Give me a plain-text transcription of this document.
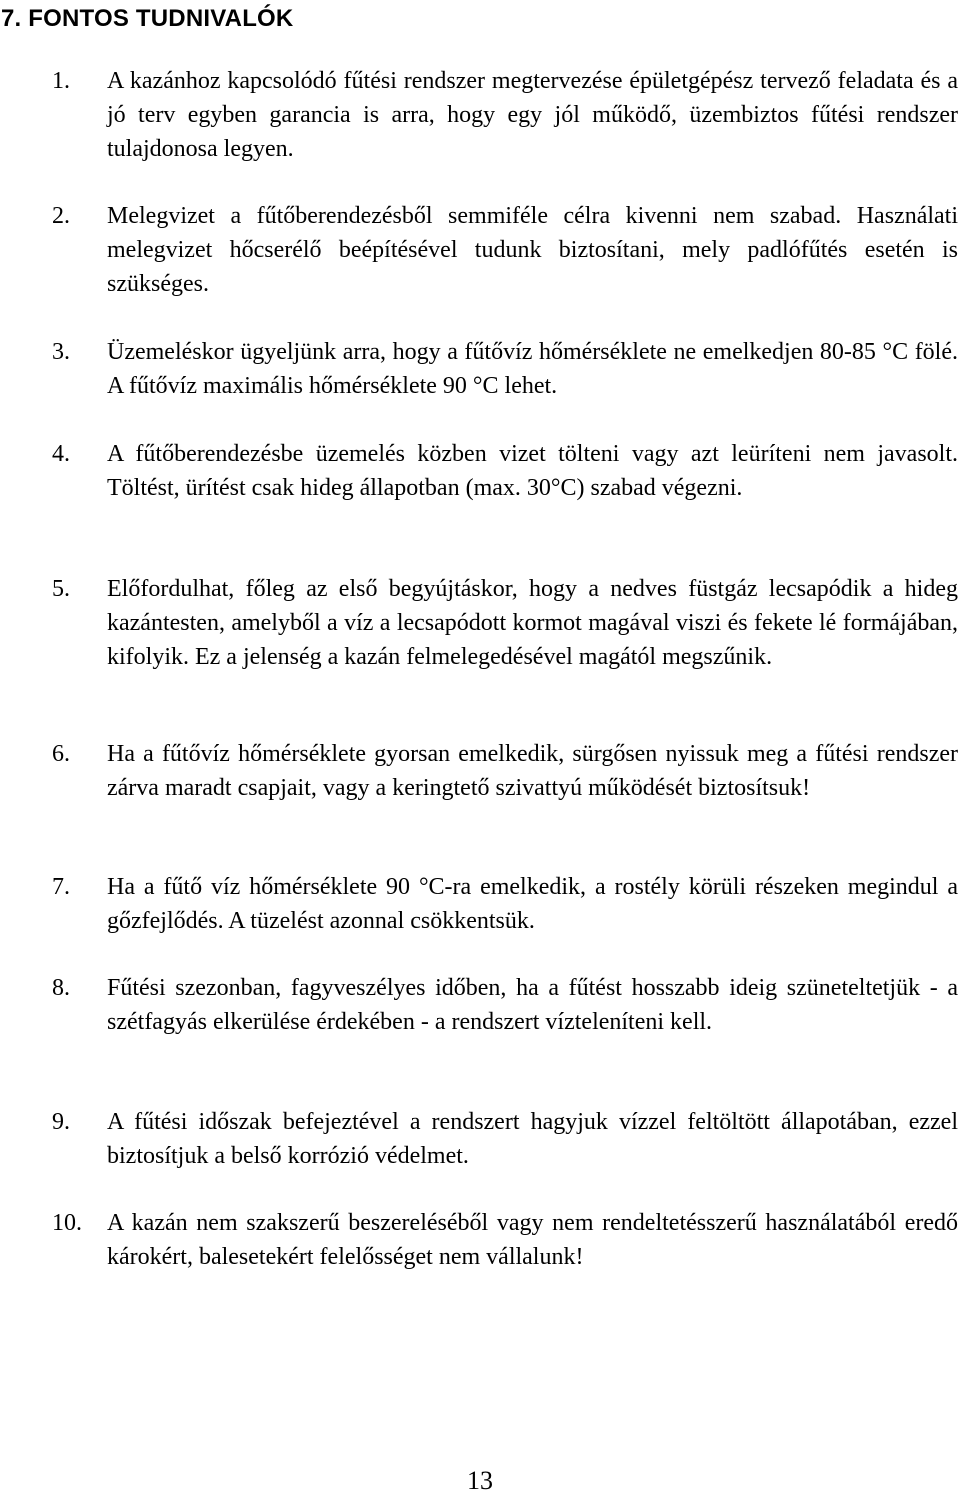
7. FONTOS TUDNIVALÓK
1. A kazánhoz kapcsolódó fűtési rendszer megtervezése épületgépész tervező feladata és a jó terv egyben garancia is arra, hogy egy jól működő, üzembiztos fűtési rendszer tulajdonosa legyen.

2. Melegvizet a fűtőberendezésből semmiféle célra kivenni nem szabad. Használati melegvizet hőcserélő beépítésével tudunk biztosítani, mely padlófűtés esetén is szükséges.

3. Üzemeléskor ügyeljünk arra, hogy a fűtővíz hőmérséklete ne emelkedjen 80-85 °C fölé. A fűtővíz maximális hőmérséklete 90 °C lehet.

4. A fűtőberendezésbe üzemelés közben vizet tölteni vagy azt leüríteni nem javasolt. Töltést, ürítést csak hideg állapotban (max. 30°C) szabad végezni.

5. Előfordulhat, főleg az első begyújtáskor, hogy a nedves füstgáz lecsapódik a hideg kazántesten, amelyből a víz a lecsapódott kormot magával viszi és fekete lé formájában, kifolyik. Ez a jelenség a kazán felmelegedésével magától megszűnik.

6. Ha a fűtővíz hőmérséklete gyorsan emelkedik, sürgősen nyissuk meg a fűtési rendszer zárva maradt csapjait, vagy a keringtető szivattyú működését biztosítsuk!

7. Ha a fűtő víz hőmérséklete 90 °C-ra emelkedik, a rostély körüli részeken megindul a gőzfejlődés. A tüzelést azonnal csökkentsük.

8. Fűtési szezonban, fagyveszélyes időben, ha a fűtést hosszabb ideig szüneteltetjük - a szétfagyás elkerülése érdekében - a rendszert vízteleníteni kell.

9. A fűtési időszak befejeztével a rendszert hagyjuk vízzel feltöltött állapotában, ezzel biztosítjuk a belső korrózió védelmet.

10. A kazán nem szakszerű beszereléséből vagy nem rendeltetésszerű használatából eredő károkért, balesetekért felelősséget nem vállalunk!

13
